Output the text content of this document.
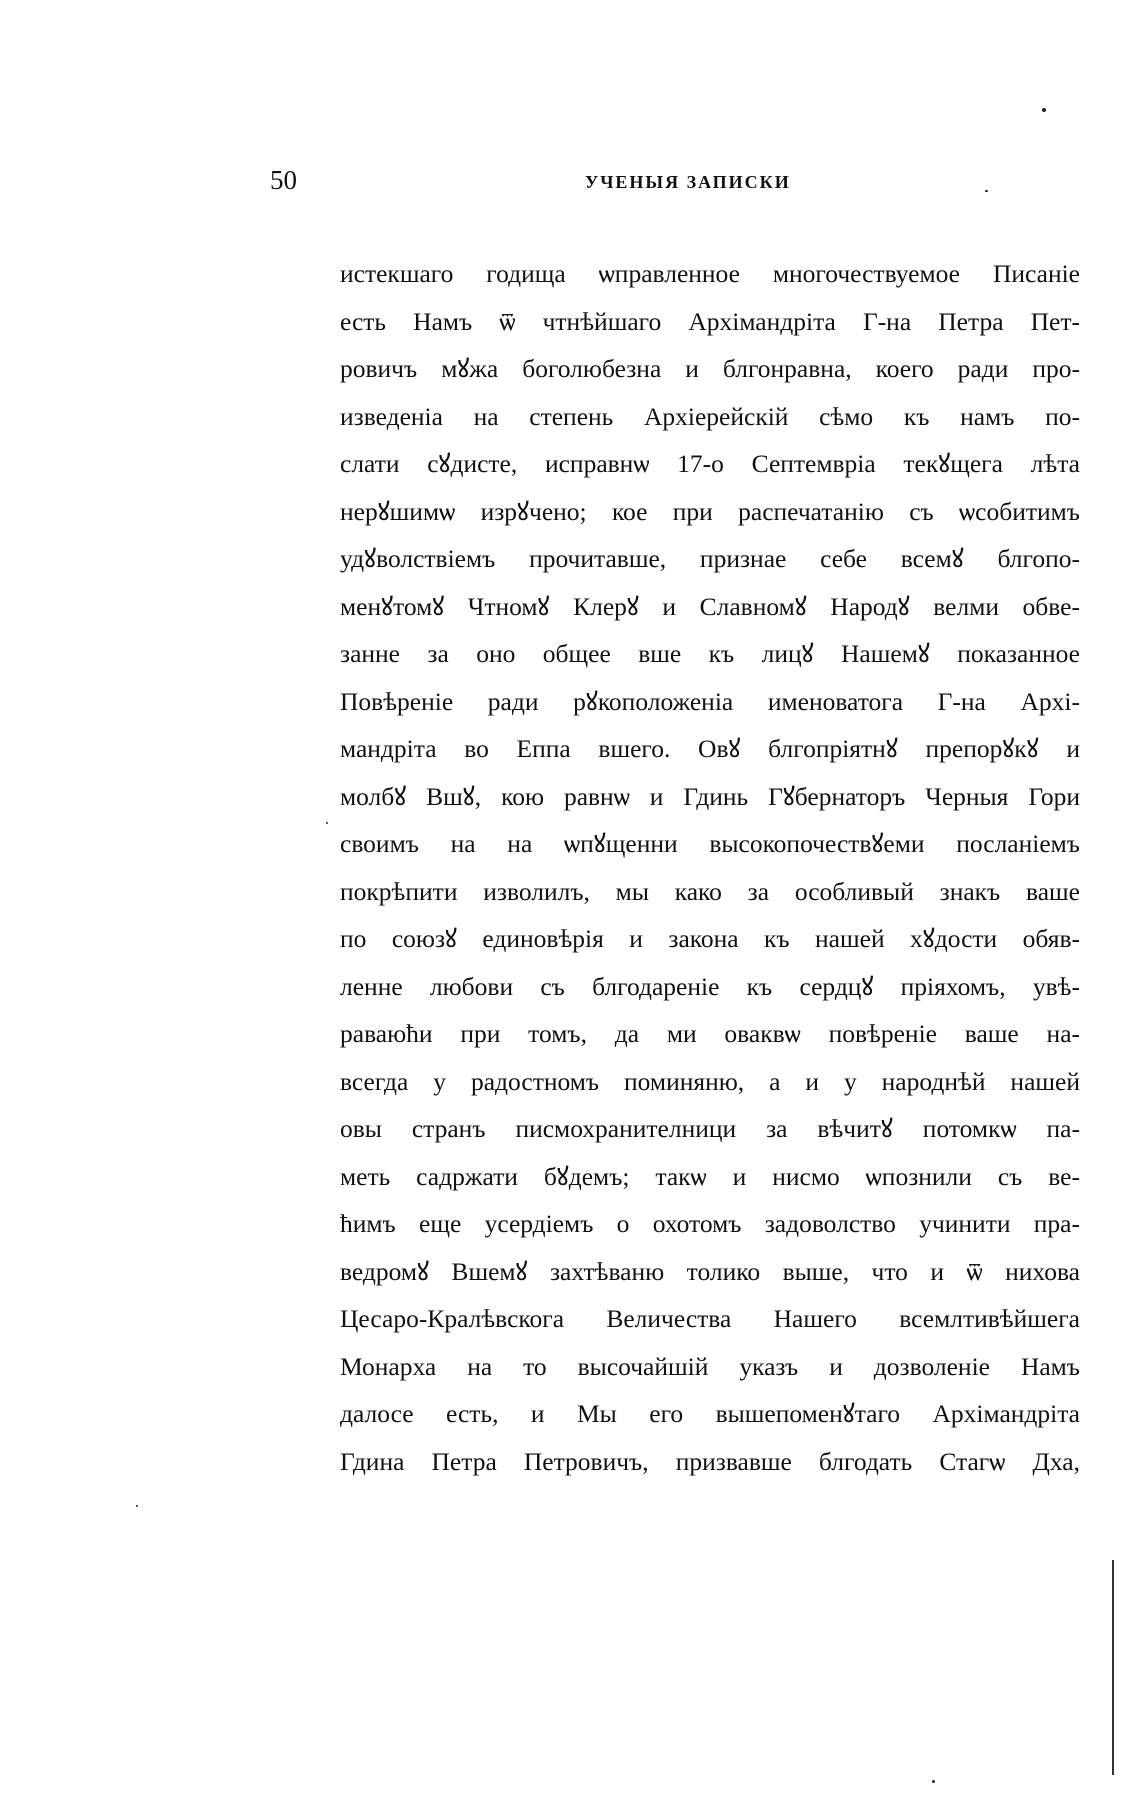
50	УЧЕНЫЯ ЗАПИСКИ
истекшаго годища ѡправленное многочествуемое Писаніе
есть Намъ ѿ чтнѣйшаго Архімандріта Г-на Петра Пет-
ровичъ мꙋжа боголюбезна и блгонравна, коего ради про-
изведеніа на степень Архіерейскій сѣмо къ намъ по-
слати сꙋдисте, исправнѡ 17-о Септемвріа текꙋщега лѣта
нерꙋшимѡ изрꙋчено; кое при распечатанію съ ѡсобитимъ
удꙋволствіемъ прочитавше, признае себе всемꙋ блгопо-
менꙋтомꙋ Чтномꙋ Клерꙋ и Славномꙋ Народꙋ велми обве-
занне за оно общее вше къ лицꙋ Нашемꙋ показанное
Повѣреніе ради рꙋкоположеніа именоватога Г-на Архі-
мандріта во Еппа вшего. Овꙋ блгопріятнꙋ препорꙋкꙋ и
молбꙋ Вшꙋ, кою равнѡ и Гдинь Гꙋбернаторъ Черныя Гори
своимъ на на ѡпꙋщенни высокопочествꙋеми посланіемъ
покрѣпити изволилъ, мы како за особливый знакъ ваше
по союзꙋ единовѣрія и закона къ нашей хꙋдости обяв-
ленне любови съ блгодареніе къ сердцꙋ пріяхомъ, увѣ-
раваюћи при томъ, да ми оваквѡ повѣреніе ваше на-
всегда у радостномъ поминяню, а и у народнѣй нашей
овы странъ писмохранителници за вѣчитꙋ потомкѡ па-
меть садржати бꙋдемъ; такѡ и нисмо ѡпознили съ ве-
ћимъ еще усердіемъ о охотомъ задоволство учинити пра-
ведромꙋ Вшемꙋ захтѣваню толико выше, что и ѿ нихова
Цесаро-Кралѣвскога Величества Нашего всемлтивѣйшега
Монарха на то высочайшій указъ и дозволеніе Намъ
далосе есть, и Мы его вышепоменꙋтаго Архімандріта
Гдина Петра Петровичъ, призвавше блгодать Стагѡ Дха,
